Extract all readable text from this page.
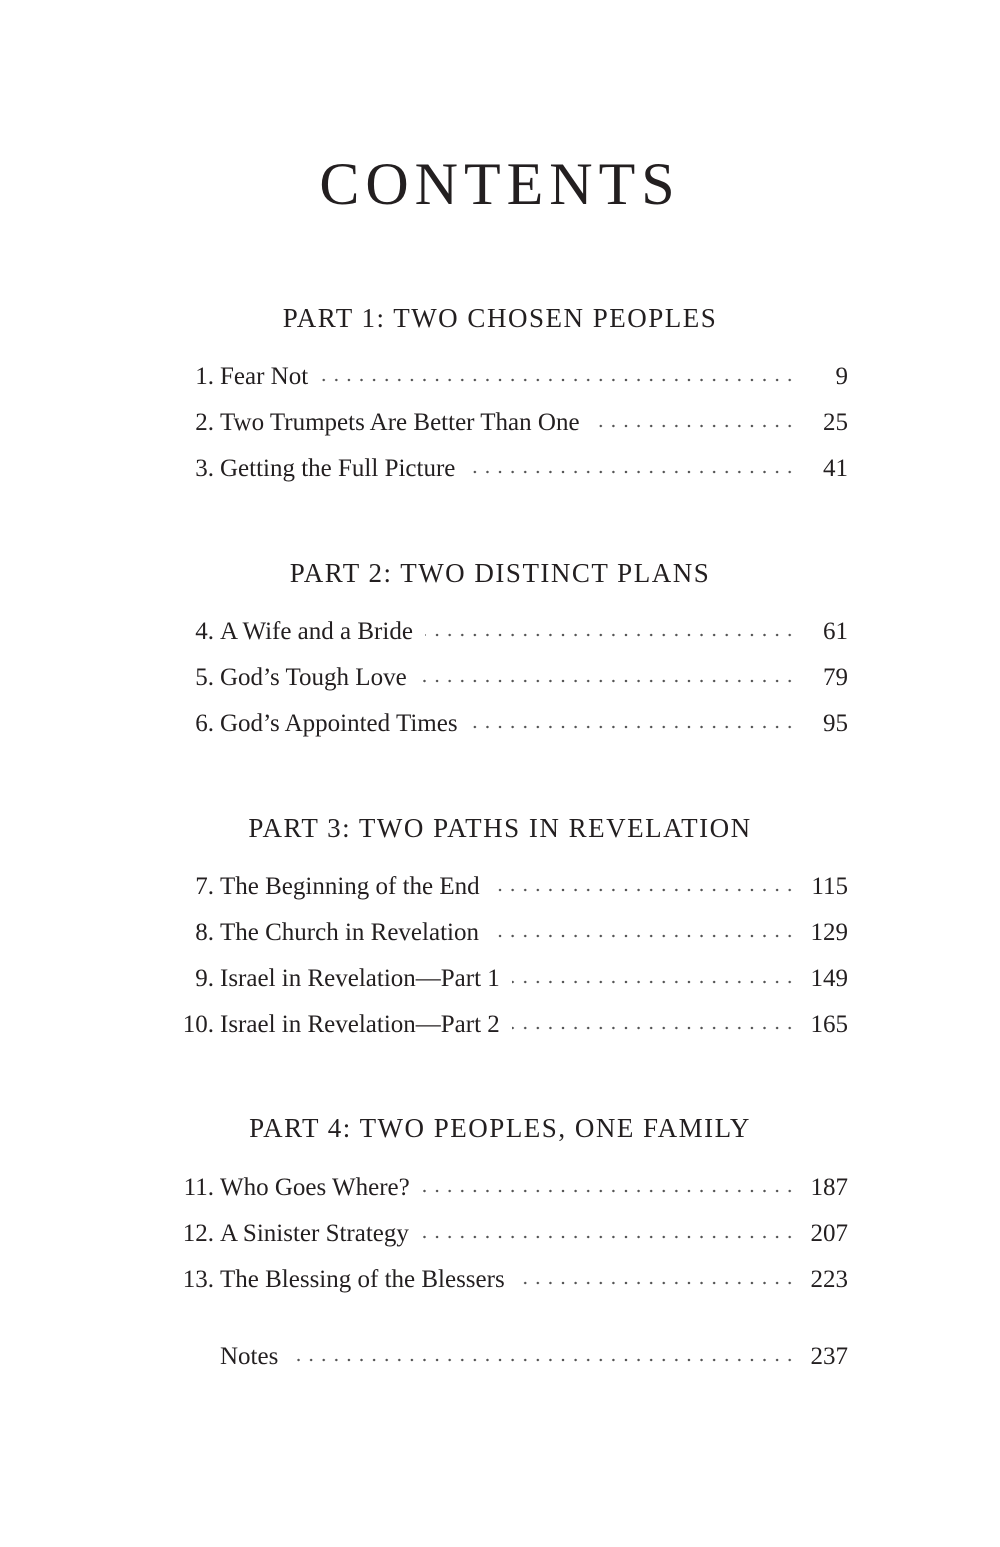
CONTENTS
PART 1: TWO CHOSEN PEOPLES
1. Fear Not	9
2. Two Trumpets Are Better Than One	25
3. Getting the Full Picture	41
PART 2: TWO DISTINCT PLANS
4. A Wife and a Bride	61
5. God’s Tough Love	79
6. God’s Appointed Times	95
PART 3: TWO PATHS IN REVELATION
7. The Beginning of the End	115
8. The Church in Revelation	129
9. Israel in Revelation—Part 1	149
10. Israel in Revelation—Part 2	165
PART 4: TWO PEOPLES, ONE FAMILY
11. Who Goes Where?	187
12. A Sinister Strategy	207
13. The Blessing of the Blessers	223
Notes	237
